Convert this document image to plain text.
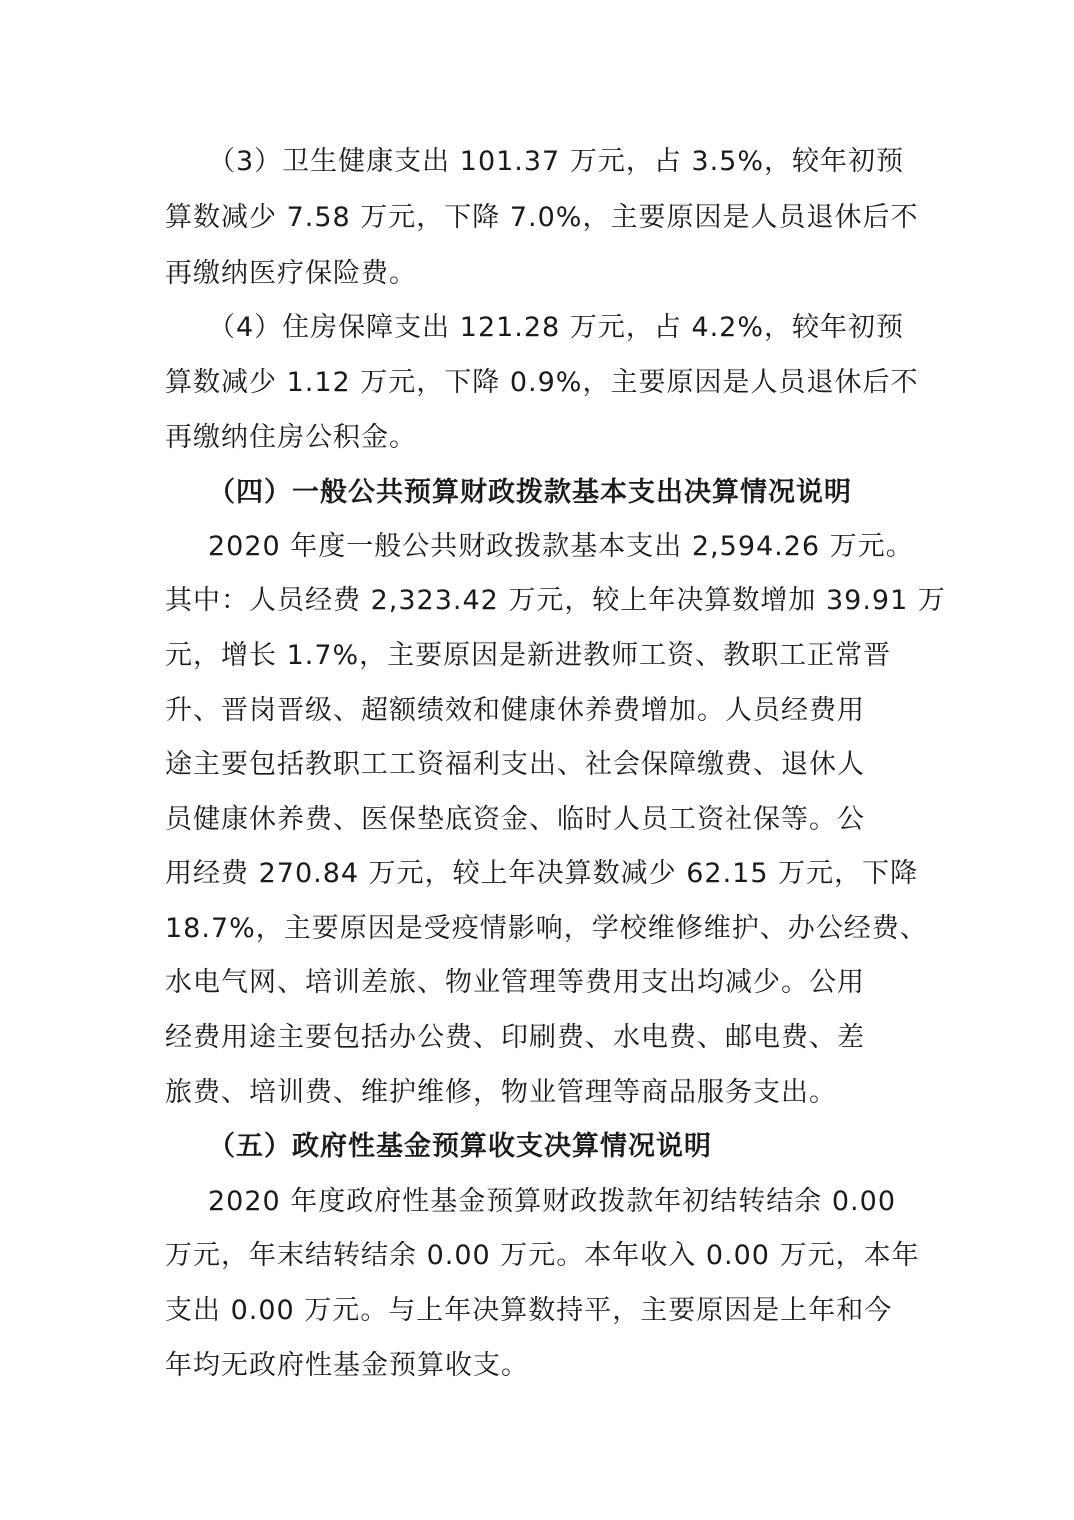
（3）卫生健康支出 101.37 万元，占 3.5%，较年初预
算数减少 7.58 万元，下降 7.0%，主要原因是人员退休后不
再缴纳医疗保险费。
（4）住房保障支出 121.28 万元，占 4.2%，较年初预
算数减少 1.12 万元，下降 0.9%，主要原因是人员退休后不
再缴纳住房公积金。
（四）一般公共预算财政拨款基本支出决算情况说明
2020 年度一般公共财政拨款基本支出 2,594.26 万元。
其中：人员经费 2,323.42 万元，较上年决算数增加 39.91 万
元，增长 1.7%，主要原因是新进教师工资、教职工正常晋
升、晋岗晋级、超额绩效和健康休养费增加。人员经费用
途主要包括教职工工资福利支出、社会保障缴费、退休人
员健康休养费、医保垫底资金、临时人员工资社保等。公
用经费 270.84 万元，较上年决算数减少 62.15 万元，下降
18.7%，主要原因是受疫情影响，学校维修维护、办公经费、
水电气网、培训差旅、物业管理等费用支出均减少。公用
经费用途主要包括办公费、印刷费、水电费、邮电费、差
旅费、培训费、维护维修，物业管理等商品服务支出。
（五）政府性基金预算收支决算情况说明
2020 年度政府性基金预算财政拨款年初结转结余 0.00
万元，年末结转结余 0.00 万元。本年收入 0.00 万元，本年
支出 0.00 万元。与上年决算数持平，主要原因是上年和今
年均无政府性基金预算收支。
